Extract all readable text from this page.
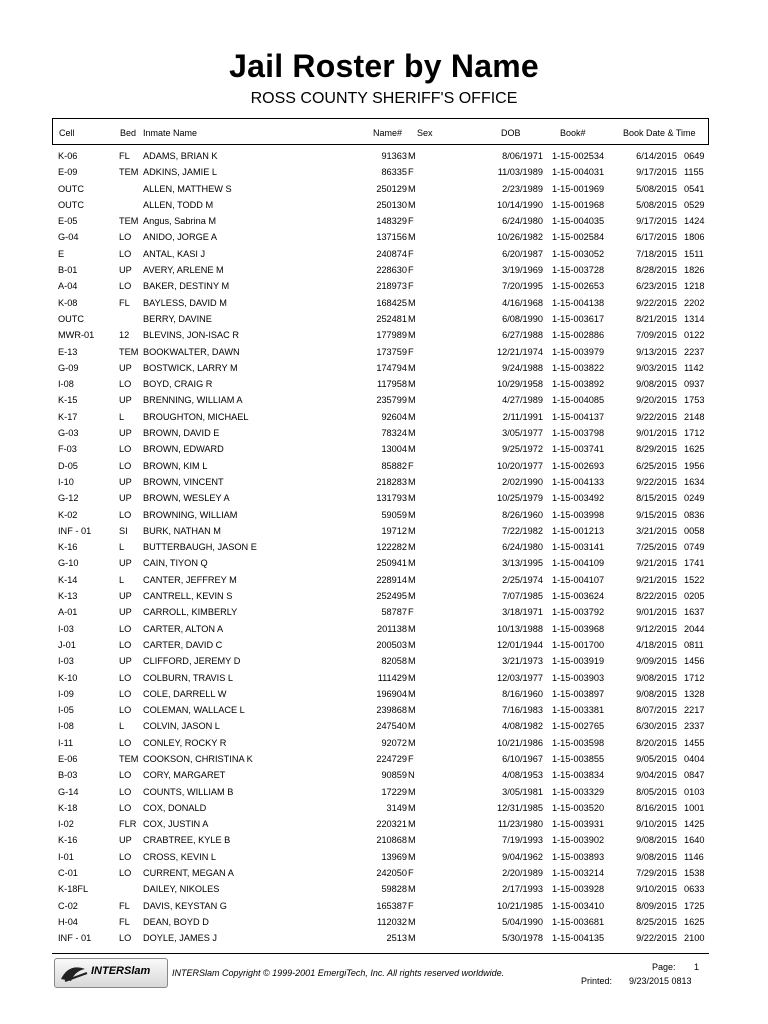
Jail Roster by Name
ROSS COUNTY SHERIFF'S OFFICE
Cell	Bed Inmate Name	Name# Sex	DOB	Book#	Book Date & Time
K-06	FL ADAMS, BRIAN K	91363 M	8/06/1971 1-15-002534	6/14/2015 0649
E-09	TEM ADKINS, JAMIE L	86335 F	11/03/1989 1-15-004031	9/17/2015 1155
OUTC	ALLEN, MATTHEW S	250129 M	2/23/1989 1-15-001969	5/08/2015 0541
OUTC	ALLEN, TODD M	250130 M	10/14/1990 1-15-001968	5/08/2015 0529
E-05	TEM Angus, Sabrina M	148329 F	6/24/1980 1-15-004035	9/17/2015 1424
G-04	LO ANIDO, JORGE A	137156 M	10/26/1982 1-15-002584	6/17/2015 1806
E	LO ANTAL, KASI J	240874 F	6/20/1987 1-15-003052	7/18/2015 1511
B-01	UP AVERY, ARLENE M	228630 F	3/19/1969 1-15-003728	8/28/2015 1826
A-04	LO BAKER, DESTINY M	218973 F	7/20/1995 1-15-002653	6/23/2015 1218
K-08	FL BAYLESS, DAVID M	168425 M	4/16/1968 1-15-004138	9/22/2015 2202
OUTC	BERRY, DAVINE	252481 M	6/08/1990 1-15-003617	8/21/2015 1314
MWR-01	12 BLEVINS, JON-ISAC R	177989 M	6/27/1988 1-15-002886	7/09/2015 0122
E-13	TEM BOOKWALTER, DAWN	173759 F	12/21/1974 1-15-003979	9/13/2015 2237
G-09	UP BOSTWICK, LARRY M	174794 M	9/24/1988 1-15-003822	9/03/2015 1142
I-08	LO BOYD, CRAIG R	117958 M	10/29/1958 1-15-003892	9/08/2015 0937
K-15	UP BRENNING, WILLIAM A	235799 M	4/27/1989 1-15-004085	9/20/2015 1753
K-17	L BROUGHTON, MICHAEL	92604 M	2/11/1991 1-15-004137	9/22/2015 2148
G-03	UP BROWN, DAVID E	78324 M	3/05/1977 1-15-003798	9/01/2015 1712
F-03	LO BROWN, EDWARD	13004 M	9/25/1972 1-15-003741	8/29/2015 1625
D-05	LO BROWN, KIM L	85882 F	10/20/1977 1-15-002693	6/25/2015 1956
I-10	UP BROWN, VINCENT	218283 M	2/02/1990 1-15-004133	9/22/2015 1634
G-12	UP BROWN, WESLEY A	131793 M	10/25/1979 1-15-003492	8/15/2015 0249
K-02	LO BROWNING, WILLIAM	59059 M	8/26/1960 1-15-003998	9/15/2015 0836
INF - 01	SI BURK, NATHAN M	19712 M	7/22/1982 1-15-001213	3/21/2015 0058
K-16	L BUTTERBAUGH, JASON E	122282 M	6/24/1980 1-15-003141	7/25/2015 0749
G-10	UP CAIN, TIYON Q	250941 M	3/13/1995 1-15-004109	9/21/2015 1741
K-14	L CANTER, JEFFREY M	228914 M	2/25/1974 1-15-004107	9/21/2015 1522
K-13	UP CANTRELL, KEVIN S	252495 M	7/07/1985 1-15-003624	8/22/2015 0205
A-01	UP CARROLL, KIMBERLY	58787 F	3/18/1971 1-15-003792	9/01/2015 1637
I-03	LO CARTER, ALTON A	201138 M	10/13/1988 1-15-003968	9/12/2015 2044
J-01	LO CARTER, DAVID C	200503 M	12/01/1944 1-15-001700	4/18/2015 0811
I-03	UP CLIFFORD, JEREMY D	82058 M	3/21/1973 1-15-003919	9/09/2015 1456
K-10	LO COLBURN, TRAVIS L	111429 M	12/03/1977 1-15-003903	9/08/2015 1712
I-09	LO COLE, DARRELL W	196904 M	8/16/1960 1-15-003897	9/08/2015 1328
I-05	LO COLEMAN, WALLACE L	239868 M	7/16/1983 1-15-003381	8/07/2015 2217
I-08	L COLVIN, JASON L	247540 M	4/08/1982 1-15-002765	6/30/2015 2337
I-11	LO CONLEY, ROCKY R	92072 M	10/21/1986 1-15-003598	8/20/2015 1455
E-06	TEM COOKSON, CHRISTINA K	224729 F	6/10/1967 1-15-003855	9/05/2015 0404
B-03	LO CORY, MARGARET	90859 N	4/08/1953 1-15-003834	9/04/2015 0847
G-14	LO COUNTS, WILLIAM B	17229 M	3/05/1981 1-15-003329	8/05/2015 0103
K-18	LO COX, DONALD	3149 M	12/31/1985 1-15-003520	8/16/2015 1001
I-02	FLR COX, JUSTIN A	220321 M	11/23/1980 1-15-003931	9/10/2015 1425
K-16	UP CRABTREE, KYLE B	210868 M	7/19/1993 1-15-003902	9/08/2015 1640
I-01	LO CROSS, KEVIN L	13969 M	9/04/1962 1-15-003893	9/08/2015 1146
C-01	LO CURRENT, MEGAN A	242050 F	2/20/1989 1-15-003214	7/29/2015 1538
K-18FL	DAILEY, NIKOLES	59828 M	2/17/1993 1-15-003928	9/10/2015 0633
C-02	FL DAVIS, KEYSTAN G	165387 F	10/21/1985 1-15-003410	8/09/2015 1725
H-04	FL DEAN, BOYD D	112032 M	5/04/1990 1-15-003681	8/25/2015 1625
INF - 01	LO DOYLE, JAMES J	2513 M	5/30/1978 1-15-004135	9/22/2015 2100
INTERSlam INTERSlam Copyright © 1999-2001 EmergiTech, Inc. All rights reserved worldwide.
Page: 1
Printed: 9/23/2015 0813
